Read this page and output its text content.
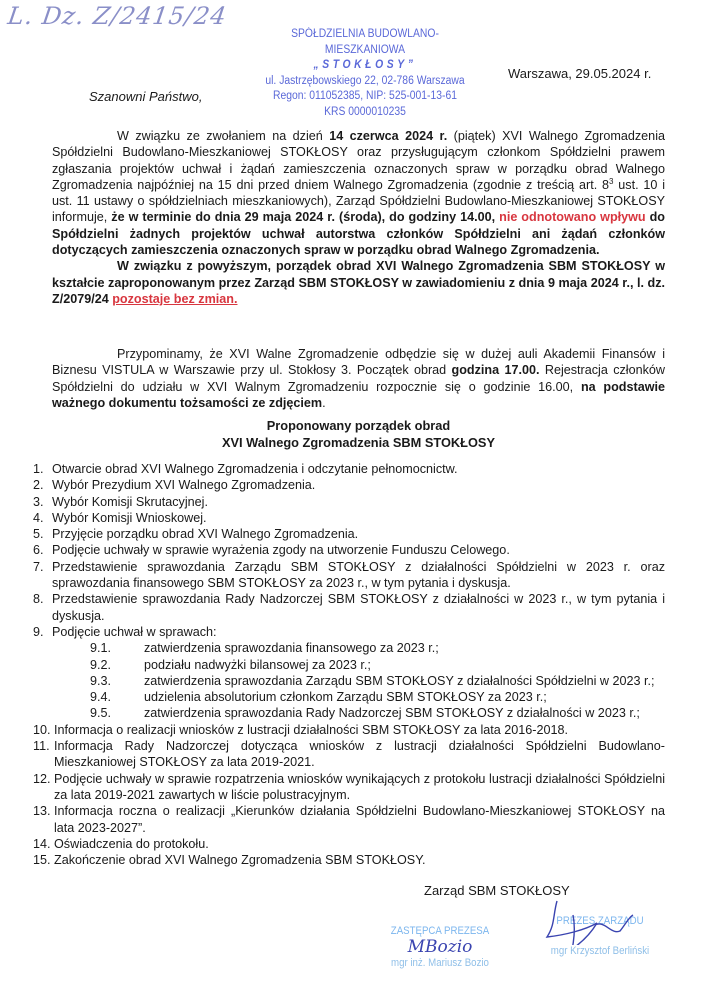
L. Dz. Z/2415/24
SPÓŁDZIELNIA BUDOWLANO-MIESZKANIOWA
„STOKŁOSY”
ul. Jastrzębowskiego 22, 02-786 Warszawa
Regon: 011052385, NIP: 525-001-13-61
KRS 0000010235
Warszawa, 29.05.2024 r.
Szanowni Państwo,

W związku ze zwołaniem na dzień 14 czerwca 2024 r. (piątek) XVI Walnego Zgromadzenia Spółdzielni Budowlano-Mieszkaniowej STOKŁOSY oraz przysługującym członkom Spółdzielni prawem zgłaszania projektów uchwał i żądań zamieszczenia oznaczonych spraw w porządku obrad Walnego Zgromadzenia najpóźniej na 15 dni przed dniem Walnego Zgromadzenia (zgodnie z treścią art. $8^3$ ust. 10 i ust. 11 ustawy o spółdzielniach mieszkaniowych), Zarząd Spółdzielni Budowlano-Mieszkaniowej STOKŁOSY informuje, że w terminie do dnia 29 maja 2024 r. (środa), do godziny 14.00, nie odnotowano wpływu do Spółdzielni żadnych projektów uchwał autorstwa członków Spółdzielni ani żądań członków dotyczących zamieszczenia oznaczonych spraw w porządku obrad Walnego Zgromadzenia.

W związku z powyższym, porządek obrad XVI Walnego Zgromadzenia SBM STOKŁOSY w kształcie zaproponowanym przez Zarząd SBM STOKŁOSY w zawiadomieniu z dnia 9 maja 2024 r., l. dz. Z/2079/24 pozostaje bez zmian.

Przypominamy, że XVI Walne Zgromadzenie odbędzie się w dużej auli Akademii Finansów i Biznesu VISTULA w Warszawie przy ul. Stokłosy 3. Początek obrad godzina 17.00. Rejestracja członków Spółdzielni do udziału w XVI Walnym Zgromadzeniu rozpocznie się o godzinie 16.00, na podstawie ważnego dokumentu tożsamości ze zdjęciem.

Proponowany porządek obrad
XVI Walnego Zgromadzenia SBM STOKŁOSY
1. Otwarcie obrad XVI Walnego Zgromadzenia i odczytanie pełnomocnictw.
2. Wybór Prezydium XVI Walnego Zgromadzenia.
3. Wybór Komisji Skrutacyjnej.
4. Wybór Komisji Wnioskowej.
5. Przyjęcie porządku obrad XVI Walnego Zgromadzenia.
6. Podjęcie uchwały w sprawie wyrażenia zgody na utworzenie Funduszu Celowego.
7. Przedstawienie sprawozdania Zarządu SBM STOKŁOSY z działalności Spółdzielni w 2023 r. oraz sprawozdania finansowego SBM STOKŁOSY za 2023 r., w tym pytania i dyskusja.
8. Przedstawienie sprawozdania Rady Nadzorczej SBM STOKŁOSY z działalności w 2023 r., w tym pytania i dyskusja.
9. Podjęcie uchwał w sprawach:
9.1.	zatwierdzenia sprawozdania finansowego za 2023 r.;
9.2.	podziału nadwyżki bilansowej za 2023 r.;
9.3.	zatwierdzenia sprawozdania Zarządu SBM STOKŁOSY z działalności Spółdzielni w 2023 r.;
9.4.	udzielenia absolutorium członkom Zarządu SBM STOKŁOSY za 2023 r.;
9.5.	zatwierdzenia sprawozdania Rady Nadzorczej SBM STOKŁOSY z działalności w 2023 r.;
10. Informacja o realizacji wniosków z lustracji działalności SBM STOKŁOSY za lata 2016-2018.
11. Informacja Rady Nadzorczej dotycząca wniosków z lustracji działalności Spółdzielni Budowlano-Mieszkaniowej STOKŁOSY za lata 2019-2021.
12. Podjęcie uchwały w sprawie rozpatrzenia wniosków wynikających z protokołu lustracji działalności Spółdzielni za lata 2019-2021 zawartych w liście polustracyjnym.
13. Informacja roczna o realizacji „Kierunków działania Spółdzielni Budowlano-Mieszkaniowej STOKŁOSY na lata 2023-2027”.
14. Oświadczenia do protokołu.
15. Zakończenie obrad XVI Walnego Zgromadzenia SBM STOKŁOSY.
Zarząd SBM STOKŁOSY
ZASTĘPCA PREZESA
MBozio
mgr inż. Mariusz Bozio
PREZES ZARZĄDU
mgr Krzysztof Berliński
